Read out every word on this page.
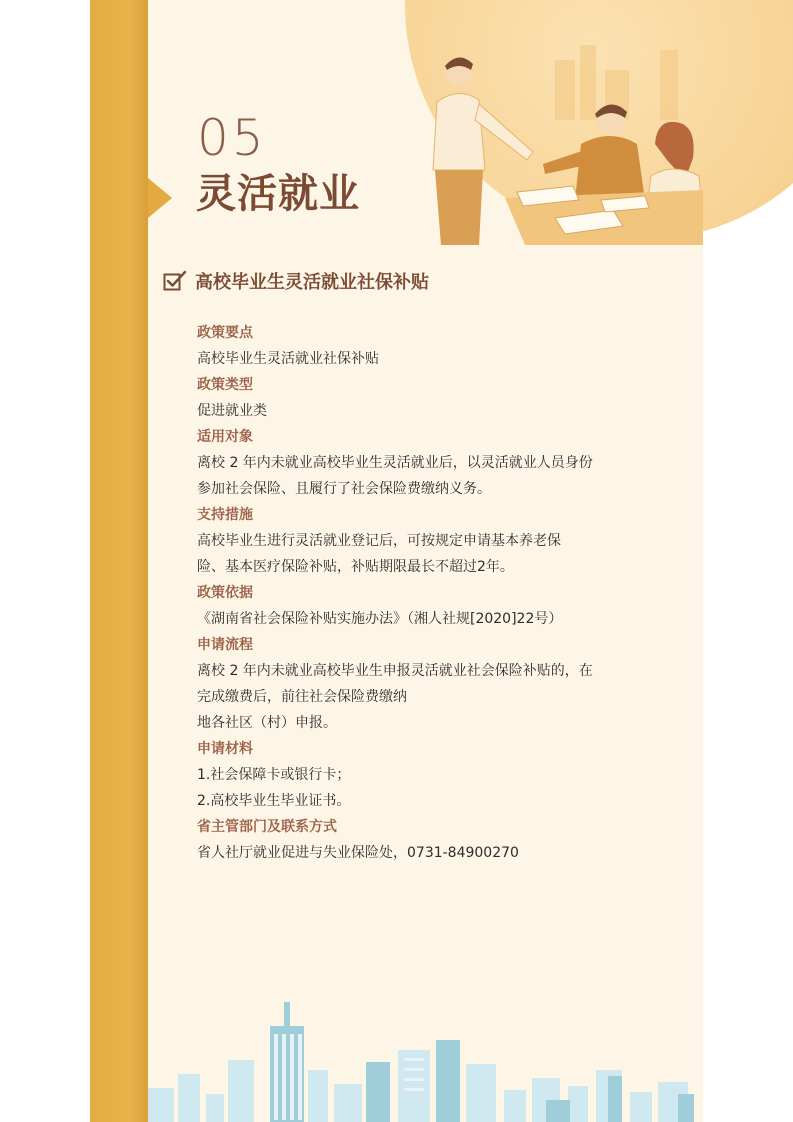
05
灵活就业
高校毕业生灵活就业社保补贴
政策要点
高校毕业生灵活就业社保补贴
政策类型
促进就业类
适用对象
离校 2 年内未就业高校毕业生灵活就业后，以灵活就业人员身份
参加社会保险、且履行了社会保险费缴纳义务。
支持措施
高校毕业生进行灵活就业登记后，可按规定申请基本养老保
险、基本医疗保险补贴，补贴期限最长不超过2年。
政策依据
《湖南省社会保险补贴实施办法》（湘人社规[2020]22号）
申请流程
离校 2 年内未就业高校毕业生申报灵活就业社会保险补贴的，在
完成缴费后，前往社会保险费缴纳
地各社区（村）申报。
申请材料
1.社会保障卡或银行卡；
2.高校毕业生毕业证书。
省主管部门及联系方式
省人社厅就业促进与失业保险处，0731-84900270
